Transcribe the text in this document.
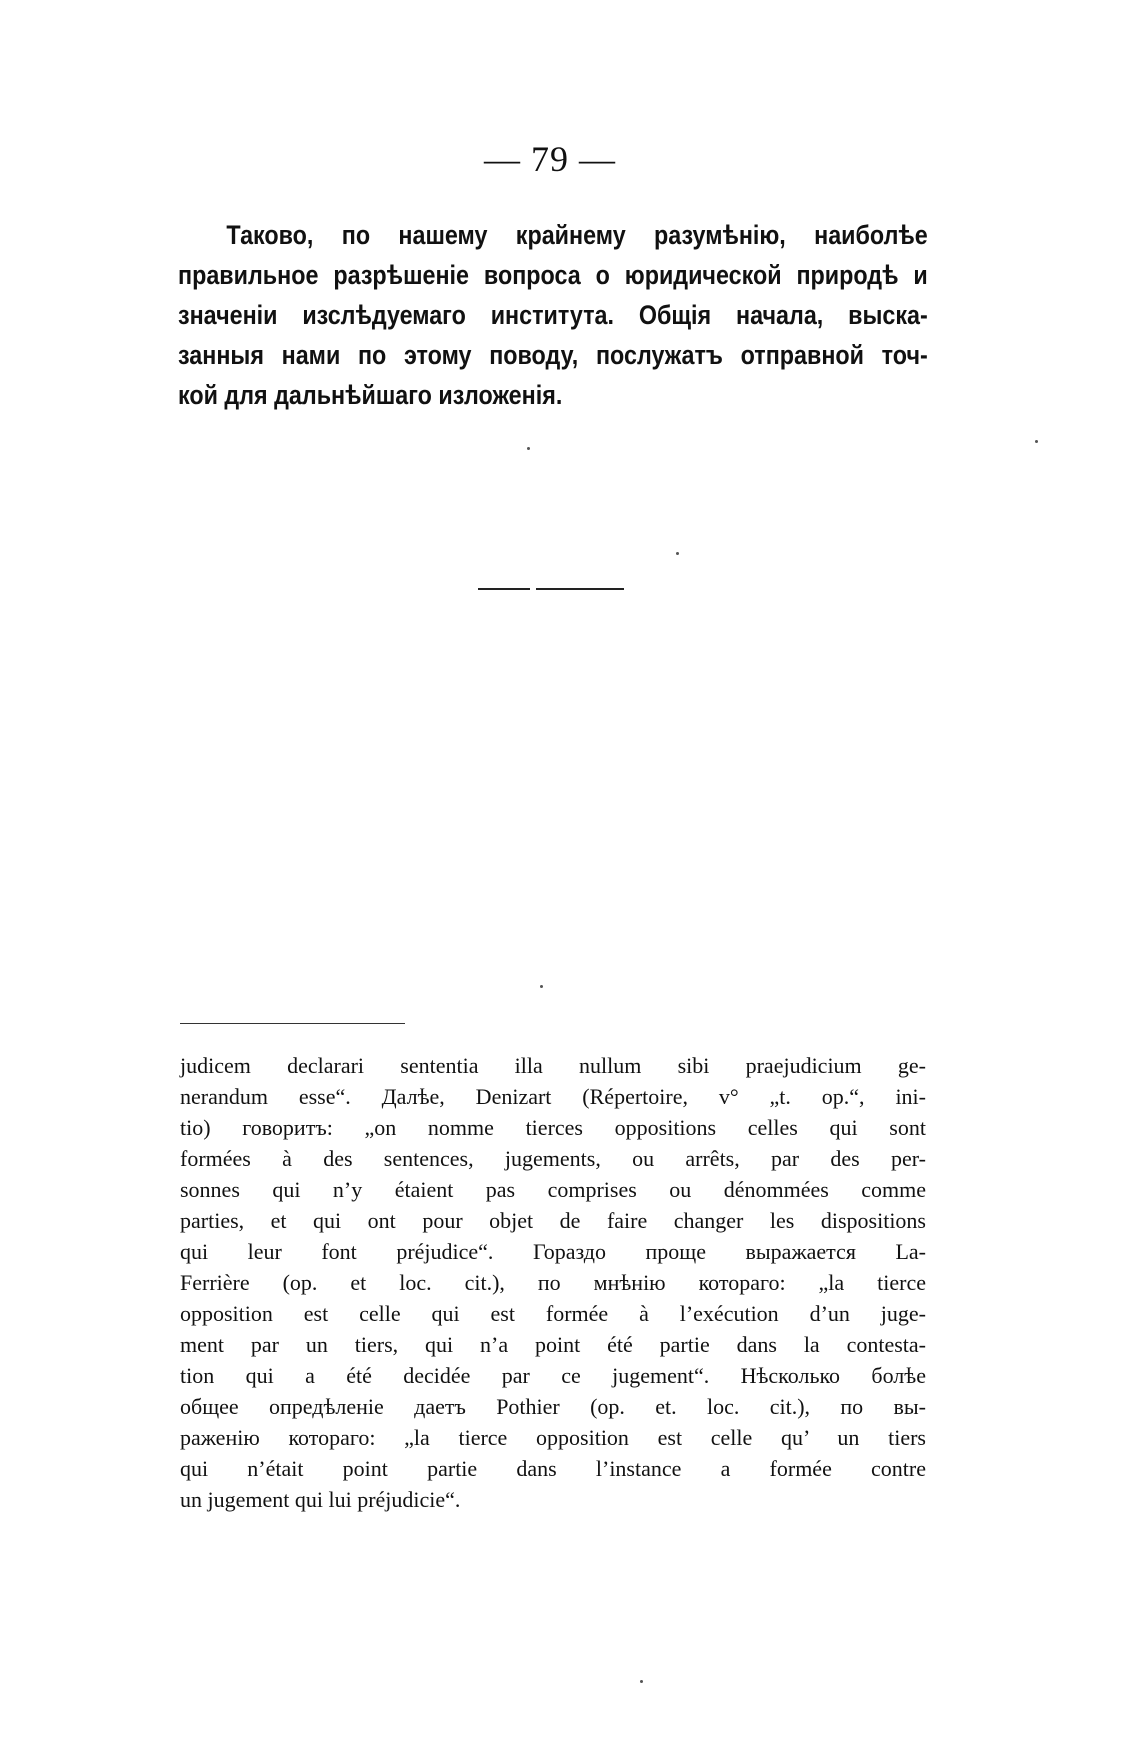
— 79 —
Таково, по нашему крайнему разумѣнію, наиболѣе
правильное разрѣшеніе вопроса о юридической природѣ и
значеніи изслѣдуемаго института. Общія начала, выска-
занныя нами по этому поводу, послужатъ отправной точ-
кой для дальнѣйшаго изложенія.
judicem declarari sententia illa nullum sibi praejudicium ge-
nerandum esse“. Далѣе, Denizart (Répertoire, v° „t. op.“, ini-
tio) говоритъ: „on nomme tierces oppositions celles qui sont
formées à des sentences, jugements, ou arrêts, par des per-
sonnes qui n’y étaient pas comprises ou dénommées comme
parties, et qui ont pour objet de faire changer les dispositions
qui leur font préjudice“. Гораздо проще выражается La-
Ferrière (op. et loc. cit.), по мнѣнію котораго: „la tierce
opposition est celle qui est formée à l’exécution d’un juge-
ment par un tiers, qui n’a point été partie dans la contesta-
tion qui a été decidée par ce jugement“. Нѣсколько болѣе
общее опредѣленіе даетъ Pothier (op. et. loc. cit.), по вы-
раженію котораго: „la tierce opposition est celle qu’ un tiers
qui n’était point partie dans l’instance a formée contre
un jugement qui lui préjudicie“.
